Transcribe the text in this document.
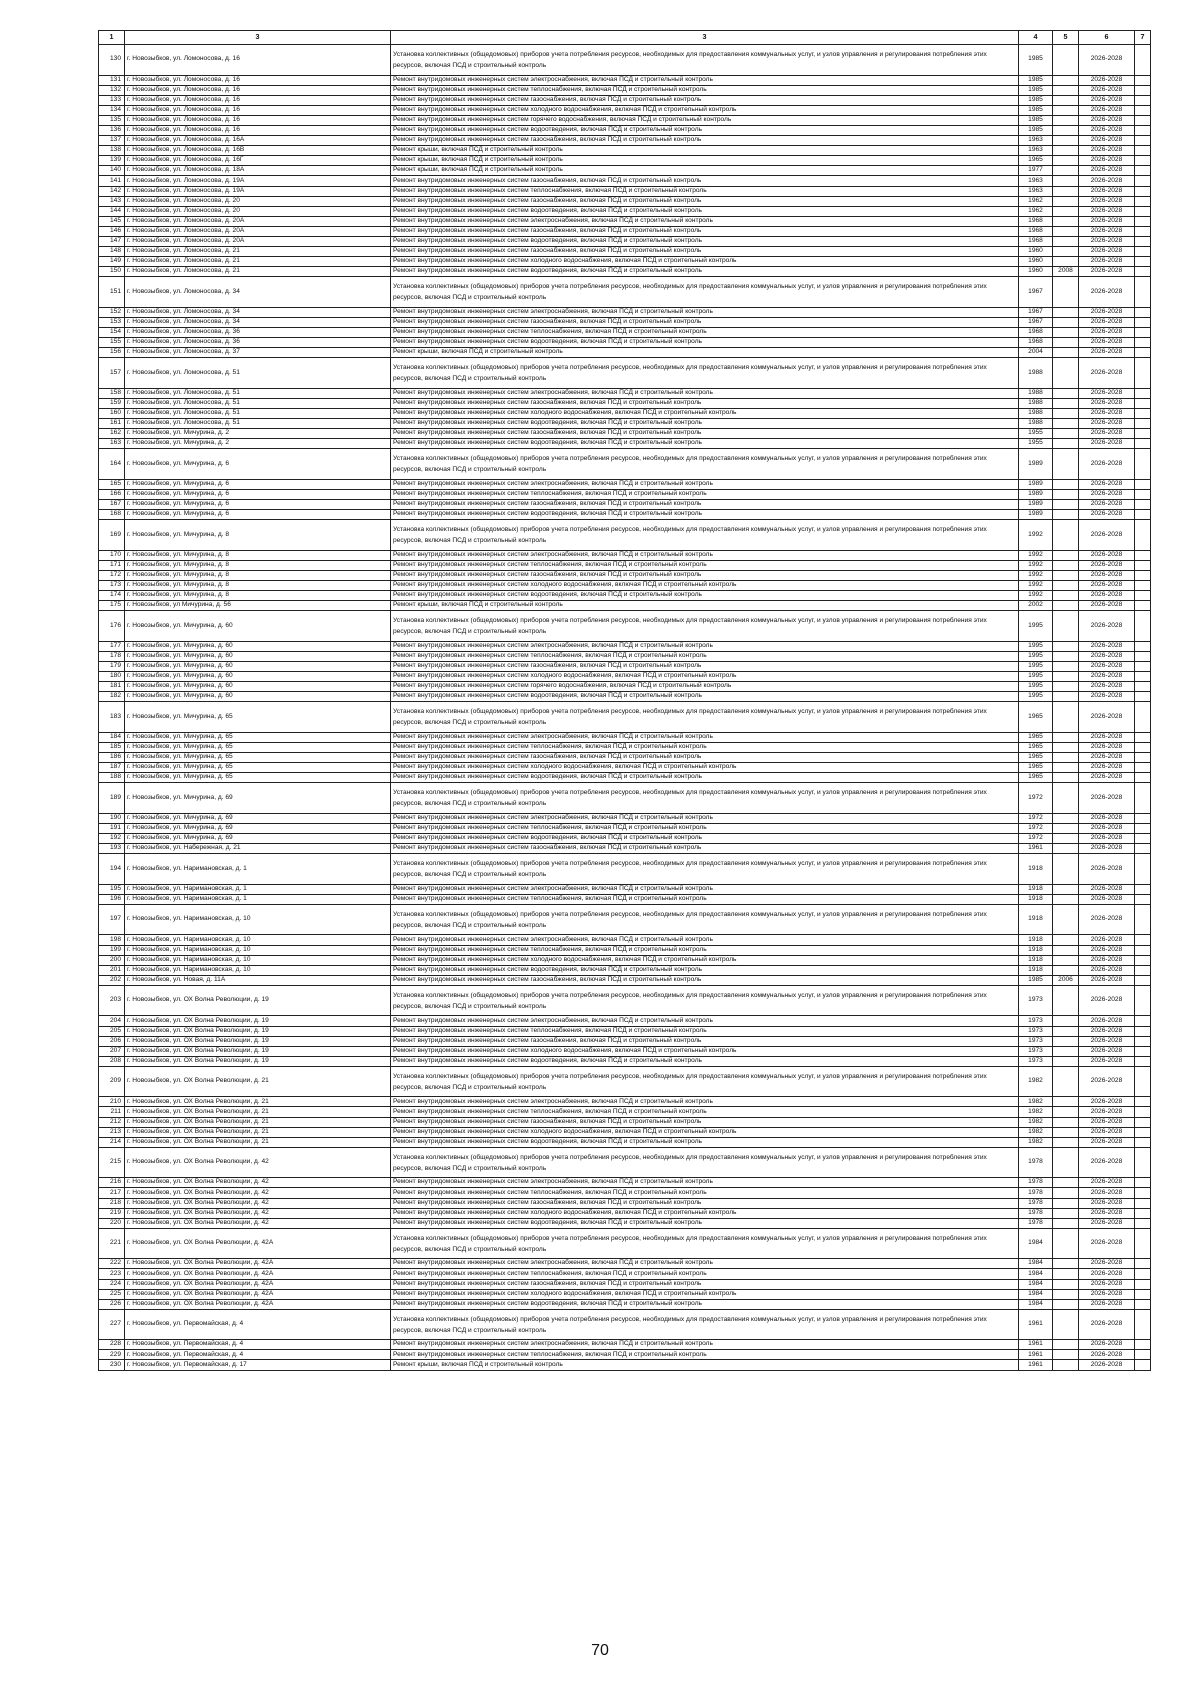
1	3	3	4	5	6	7
130	г. Новозыбков, ул. Ломоносова, д. 16	Установка коллективных (общедомовых) приборов учета потребления ресурсов, необходимых для предоставления коммунальных услуг, и узлов управления и регулирования потребления этих ресурсов, включая ПСД и строительный контроль	1985		2026-2028	
131	г. Новозыбков, ул. Ломоносова, д. 16	Ремонт внутридомовых инженерных систем электроснабжения, включая ПСД и строительный контроль	1985		2026-2028	
132	г. Новозыбков, ул. Ломоносова, д. 16	Ремонт внутридомовых инженерных систем теплоснабжения, включая ПСД и строительный контроль	1985		2026-2028	
133	г. Новозыбков, ул. Ломоносова, д. 16	Ремонт внутридомовых инженерных систем газоснабжения, включая ПСД и строительный контроль	1985		2026-2028	
134	г. Новозыбков, ул. Ломоносова, д. 16	Ремонт внутридомовых инженерных систем холодного водоснабжения, включая ПСД и строительный контроль	1985		2026-2028	
135	г. Новозыбков, ул. Ломоносова, д. 16	Ремонт внутридомовых инженерных систем горячего водоснабжения, включая ПСД и строительный контроль	1985		2026-2028	
136	г. Новозыбков, ул. Ломоносова, д. 16	Ремонт внутридомовых инженерных систем водоотведения, включая ПСД и строительный контроль	1985		2026-2028	
137	г. Новозыбков, ул. Ломоносова, д. 16А	Ремонт внутридомовых инженерных систем газоснабжения, включая ПСД и строительный контроль	1963		2026-2028	
138	г. Новозыбков, ул. Ломоносова, д. 16В	Ремонт крыши, включая ПСД и строительный контроль	1963		2026-2028	
139	г. Новозыбков, ул. Ломоносова, д. 16Г	Ремонт крыши, включая ПСД и строительный контроль	1965		2026-2028	
140	г. Новозыбков, ул. Ломоносова, д. 18А	Ремонт крыши, включая ПСД и строительный контроль	1977		2026-2028	
141	г. Новозыбков, ул. Ломоносова, д. 19А	Ремонт внутридомовых инженерных систем газоснабжения, включая ПСД и строительный контроль	1963		2026-2028	
142	г. Новозыбков, ул. Ломоносова, д. 19А	Ремонт внутридомовых инженерных систем теплоснабжения, включая ПСД и строительный контроль	1963		2026-2028	
143	г. Новозыбков, ул. Ломоносова, д. 20	Ремонт внутридомовых инженерных систем газоснабжения, включая ПСД и строительный контроль	1962		2026-2028	
144	г. Новозыбков, ул. Ломоносова, д. 20	Ремонт внутридомовых инженерных систем водоотведения, включая ПСД и строительный контроль	1962		2026-2028	
145	г. Новозыбков, ул. Ломоносова, д. 20А	Ремонт внутридомовых инженерных систем электроснабжения, включая ПСД и строительный контроль	1968		2026-2028	
146	г. Новозыбков, ул. Ломоносова, д. 20А	Ремонт внутридомовых инженерных систем газоснабжения, включая ПСД и строительный контроль	1968		2026-2028	
147	г. Новозыбков, ул. Ломоносова, д. 20А	Ремонт внутридомовых инженерных систем водоотведения, включая ПСД и строительный контроль	1968		2026-2028	
148	г. Новозыбков, ул. Ломоносова, д. 21	Ремонт внутридомовых инженерных систем газоснабжения, включая ПСД и строительный контроль	1960		2026-2028	
149	г. Новозыбков, ул. Ломоносова, д. 21	Ремонт внутридомовых инженерных систем холодного водоснабжения, включая ПСД и строительный контроль	1960		2026-2028	
150	г. Новозыбков, ул. Ломоносова, д. 21	Ремонт внутридомовых инженерных систем водоотведения, включая ПСД и строительный контроль	1960	2008	2026-2028	
151	г. Новозыбков, ул. Ломоносова, д. 34	Установка коллективных (общедомовых) приборов учета потребления ресурсов, необходимых для предоставления коммунальных услуг, и узлов управления и регулирования потребления этих ресурсов, включая ПСД и строительный контроль	1967		2026-2028	
152	г. Новозыбков, ул. Ломоносова, д. 34	Ремонт внутридомовых инженерных систем электроснабжения, включая ПСД и строительный контроль	1967		2026-2028	
153	г. Новозыбков, ул. Ломоносова, д. 34	Ремонт внутридомовых инженерных систем газоснабжения, включая ПСД и строительный контроль	1967		2026-2028	
154	г. Новозыбков, ул. Ломоносова, д. 36	Ремонт внутридомовых инженерных систем теплоснабжения, включая ПСД и строительный контроль	1968		2026-2028	
155	г. Новозыбков, ул. Ломоносова, д. 36	Ремонт внутридомовых инженерных систем водоотведения, включая ПСД и строительный контроль	1968		2026-2028	
156	г. Новозыбков, ул. Ломоносова, д. 37	Ремонт крыши, включая ПСД и строительный контроль	2004		2026-2028	
157	г. Новозыбков, ул. Ломоносова, д. 51	Установка коллективных (общедомовых) приборов учета потребления ресурсов, необходимых для предоставления коммунальных услуг, и узлов управления и регулирования потребления этих ресурсов, включая ПСД и строительный контроль	1988		2026-2028	
158	г. Новозыбков, ул. Ломоносова, д. 51	Ремонт внутридомовых инженерных систем электроснабжения, включая ПСД и строительный контроль	1988		2026-2028	
159	г. Новозыбков, ул. Ломоносова, д. 51	Ремонт внутридомовых инженерных систем газоснабжения, включая ПСД и строительный контроль	1988		2026-2028	
160	г. Новозыбков, ул. Ломоносова, д. 51	Ремонт внутридомовых инженерных систем холодного водоснабжения, включая ПСД и строительный контроль	1988		2026-2028	
161	г. Новозыбков, ул. Ломоносова, д. 51	Ремонт внутридомовых инженерных систем водоотведения, включая ПСД и строительный контроль	1988		2026-2028	
162	г. Новозыбков, ул. Мичурина, д. 2	Ремонт внутридомовых инженерных систем газоснабжения, включая ПСД и строительный контроль	1955		2026-2028	
163	г. Новозыбков, ул. Мичурина, д. 2	Ремонт внутридомовых инженерных систем водоотведения, включая ПСД и строительный контроль	1955		2026-2028	
164	г. Новозыбков, ул. Мичурина, д. 6	Установка коллективных (общедомовых) приборов учета потребления ресурсов, необходимых для предоставления коммунальных услуг, и узлов управления и регулирования потребления этих ресурсов, включая ПСД и строительный контроль	1989		2026-2028	
165	г. Новозыбков, ул. Мичурина, д. 6	Ремонт внутридомовых инженерных систем электроснабжения, включая ПСД и строительный контроль	1989		2026-2028	
166	г. Новозыбков, ул. Мичурина, д. 6	Ремонт внутридомовых инженерных систем теплоснабжения, включая ПСД и строительный контроль	1989		2026-2028	
167	г. Новозыбков, ул. Мичурина, д. 6	Ремонт внутридомовых инженерных систем газоснабжения, включая ПСД и строительный контроль	1989		2026-2028	
168	г. Новозыбков, ул. Мичурина, д. 6	Ремонт внутридомовых инженерных систем водоотведения, включая ПСД и строительный контроль	1989		2026-2028	
169	г. Новозыбков, ул. Мичурина, д. 8	Установка коллективных (общедомовых) приборов учета потребления ресурсов, необходимых для предоставления коммунальных услуг, и узлов управления и регулирования потребления этих ресурсов, включая ПСД и строительный контроль	1992		2026-2028	
170	г. Новозыбков, ул. Мичурина, д. 8	Ремонт внутридомовых инженерных систем электроснабжения, включая ПСД и строительный контроль	1992		2026-2028	
171	г. Новозыбков, ул. Мичурина, д. 8	Ремонт внутридомовых инженерных систем теплоснабжения, включая ПСД и строительный контроль	1992		2026-2028	
172	г. Новозыбков, ул. Мичурина, д. 8	Ремонт внутридомовых инженерных систем газоснабжения, включая ПСД и строительный контроль	1992		2026-2028	
173	г. Новозыбков, ул. Мичурина, д. 8	Ремонт внутридомовых инженерных систем холодного водоснабжения, включая ПСД и строительный контроль	1992		2026-2028	
174	г. Новозыбков, ул. Мичурина, д. 8	Ремонт внутридомовых инженерных систем водоотведения, включая ПСД и строительный контроль	1992		2026-2028	
175	г. Новозыбков, ул Мичурина, д. 56	Ремонт крыши, включая ПСД и строительный контроль	2002		2026-2028	
176	г. Новозыбков, ул. Мичурина, д. 60	Установка коллективных (общедомовых) приборов учета потребления ресурсов, необходимых для предоставления коммунальных услуг, и узлов управления и регулирования потребления этих ресурсов, включая ПСД и строительный контроль	1995		2026-2028	
177	г. Новозыбков, ул. Мичурина, д. 60	Ремонт внутридомовых инженерных систем электроснабжения, включая ПСД и строительный контроль	1995		2026-2028	
178	г. Новозыбков, ул. Мичурина, д. 60	Ремонт внутридомовых инженерных систем теплоснабжения, включая ПСД и строительный контроль	1995		2026-2028	
179	г. Новозыбков, ул. Мичурина, д. 60	Ремонт внутридомовых инженерных систем газоснабжения, включая ПСД и строительный контроль	1995		2026-2028	
180	г. Новозыбков, ул. Мичурина, д. 60	Ремонт внутридомовых инженерных систем холодного водоснабжения, включая ПСД и строительный контроль	1995		2026-2028	
181	г. Новозыбков, ул. Мичурина, д. 60	Ремонт внутридомовых инженерных систем горячего водоснабжения, включая ПСД и строительный контроль	1995		2026-2028	
182	г. Новозыбков, ул. Мичурина, д. 60	Ремонт внутридомовых инженерных систем водоотведения, включая ПСД и строительный контроль	1995		2026-2028	
183	г. Новозыбков, ул. Мичурина, д. 65	Установка коллективных (общедомовых) приборов учета потребления ресурсов, необходимых для предоставления коммунальных услуг, и узлов управления и регулирования потребления этих ресурсов, включая ПСД и строительный контроль	1965		2026-2028	
184	г. Новозыбков, ул. Мичурина, д. 65	Ремонт внутридомовых инженерных систем электроснабжения, включая ПСД и строительный контроль	1965		2026-2028	
185	г. Новозыбков, ул. Мичурина, д. 65	Ремонт внутридомовых инженерных систем теплоснабжения, включая ПСД и строительный контроль	1965		2026-2028	
186	г. Новозыбков, ул. Мичурина, д. 65	Ремонт внутридомовых инженерных систем газоснабжения, включая ПСД и строительный контроль	1965		2026-2028	
187	г. Новозыбков, ул. Мичурина, д. 65	Ремонт внутридомовых инженерных систем холодного водоснабжения, включая ПСД и строительный контроль	1965		2026-2028	
188	г. Новозыбков, ул. Мичурина, д. 65	Ремонт внутридомовых инженерных систем водоотведения, включая ПСД и строительный контроль	1965		2026-2028	
189	г. Новозыбков, ул. Мичурина, д. 69	Установка коллективных (общедомовых) приборов учета потребления ресурсов, необходимых для предоставления коммунальных услуг, и узлов управления и регулирования потребления этих ресурсов, включая ПСД и строительный контроль	1972		2026-2028	
190	г. Новозыбков, ул. Мичурина, д. 69	Ремонт внутридомовых инженерных систем электроснабжения, включая ПСД и строительный контроль	1972		2026-2028	
191	г. Новозыбков, ул. Мичурина, д. 69	Ремонт внутридомовых инженерных систем теплоснабжения, включая ПСД и строительный контроль	1972		2026-2028	
192	г. Новозыбков, ул. Мичурина, д. 69	Ремонт внутридомовых инженерных систем водоотведения, включая ПСД и строительный контроль	1972		2026-2028	
193	г. Новозыбков, ул. Набережная, д. 21	Ремонт внутридомовых инженерных систем газоснабжения, включая ПСД и строительный контроль	1961		2026-2028	
194	г. Новозыбков, ул. Наримановская, д. 1	Установка коллективных (общедомовых) приборов учета потребления ресурсов, необходимых для предоставления коммунальных услуг, и узлов управления и регулирования потребления этих ресурсов, включая ПСД и строительный контроль	1918		2026-2028	
195	г. Новозыбков, ул. Наримановская, д. 1	Ремонт внутридомовых инженерных систем электроснабжения, включая ПСД и строительный контроль	1918		2026-2028	
196	г. Новозыбков, ул. Наримановская, д. 1	Ремонт внутридомовых инженерных систем теплоснабжения, включая ПСД и строительный контроль	1918		2026-2028	
197	г. Новозыбков, ул. Наримановская, д. 10	Установка коллективных (общедомовых) приборов учета потребления ресурсов, необходимых для предоставления коммунальных услуг, и узлов управления и регулирования потребления этих ресурсов, включая ПСД и строительный контроль	1918		2026-2028	
198	г. Новозыбков, ул. Наримановская, д. 10	Ремонт внутридомовых инженерных систем электроснабжения, включая ПСД и строительный контроль	1918		2026-2028	
199	г. Новозыбков, ул. Наримановская, д. 10	Ремонт внутридомовых инженерных систем теплоснабжения, включая ПСД и строительный контроль	1918		2026-2028	
200	г. Новозыбков, ул. Наримановская, д. 10	Ремонт внутридомовых инженерных систем холодного водоснабжения, включая ПСД и строительный контроль	1918		2026-2028	
201	г. Новозыбков, ул. Наримановская, д. 10	Ремонт внутридомовых инженерных систем водоотведения, включая ПСД и строительный контроль	1918		2026-2028	
202	г. Новозыбков, ул. Новая, д. 11А	Ремонт внутридомовых инженерных систем газоснабжения, включая ПСД и строительный контроль	1985	2006	2026-2028	
203	г. Новозыбков, ул. ОХ Волна Революции, д. 19	Установка коллективных (общедомовых) приборов учета потребления ресурсов, необходимых для предоставления коммунальных услуг, и узлов управления и регулирования потребления этих ресурсов, включая ПСД и строительный контроль	1973		2026-2028	
204	г. Новозыбков, ул. ОХ Волна Революции, д. 19	Ремонт внутридомовых инженерных систем электроснабжения, включая ПСД и строительный контроль	1973		2026-2028	
205	г. Новозыбков, ул. ОХ Волна Революции, д. 19	Ремонт внутридомовых инженерных систем теплоснабжения, включая ПСД и строительный контроль	1973		2026-2028	
206	г. Новозыбков, ул. ОХ Волна Революции, д. 19	Ремонт внутридомовых инженерных систем газоснабжения, включая ПСД и строительный контроль	1973		2026-2028	
207	г. Новозыбков, ул. ОХ Волна Революции, д. 19	Ремонт внутридомовых инженерных систем холодного водоснабжения, включая ПСД и строительный контроль	1973		2026-2028	
208	г. Новозыбков, ул. ОХ Волна Революции, д. 19	Ремонт внутридомовых инженерных систем водоотведения, включая ПСД и строительный контроль	1973		2026-2028	
209	г. Новозыбков, ул. ОХ Волна Революции, д. 21	Установка коллективных (общедомовых) приборов учета потребления ресурсов, необходимых для предоставления коммунальных услуг, и узлов управления и регулирования потребления этих ресурсов, включая ПСД и строительный контроль	1982		2026-2028	
210	г. Новозыбков, ул. ОХ Волна Революции, д. 21	Ремонт внутридомовых инженерных систем электроснабжения, включая ПСД и строительный контроль	1982		2026-2028	
211	г. Новозыбков, ул. ОХ Волна Революции, д. 21	Ремонт внутридомовых инженерных систем теплоснабжения, включая ПСД и строительный контроль	1982		2026-2028	
212	г. Новозыбков, ул. ОХ Волна Революции, д. 21	Ремонт внутридомовых инженерных систем газоснабжения, включая ПСД и строительный контроль	1982		2026-2028	
213	г. Новозыбков, ул. ОХ Волна Революции, д. 21	Ремонт внутридомовых инженерных систем холодного водоснабжения, включая ПСД и строительный контроль	1982		2026-2028	
214	г. Новозыбков, ул. ОХ Волна Революции, д. 21	Ремонт внутридомовых инженерных систем водоотведения, включая ПСД и строительный контроль	1982		2026-2028	
215	г. Новозыбков, ул. ОХ Волна Революции, д. 42	Установка коллективных (общедомовых) приборов учета потребления ресурсов, необходимых для предоставления коммунальных услуг, и узлов управления и регулирования потребления этих ресурсов, включая ПСД и строительный контроль	1978		2026-2028	
216	г. Новозыбков, ул. ОХ Волна Революции, д. 42	Ремонт внутридомовых инженерных систем электроснабжения, включая ПСД и строительный контроль	1978		2026-2028	
217	г. Новозыбков, ул. ОХ Волна Революции, д. 42	Ремонт внутридомовых инженерных систем теплоснабжения, включая ПСД и строительный контроль	1978		2026-2028	
218	г. Новозыбков, ул. ОХ Волна Революции, д. 42	Ремонт внутридомовых инженерных систем газоснабжения, включая ПСД и строительный контроль	1978		2026-2028	
219	г. Новозыбков, ул. ОХ Волна Революции, д. 42	Ремонт внутридомовых инженерных систем холодного водоснабжения, включая ПСД и строительный контроль	1978		2026-2028	
220	г. Новозыбков, ул. ОХ Волна Революции, д. 42	Ремонт внутридомовых инженерных систем водоотведения, включая ПСД и строительный контроль	1978		2026-2028	
221	г. Новозыбков, ул. ОХ Волна Революции, д. 42А	Установка коллективных (общедомовых) приборов учета потребления ресурсов, необходимых для предоставления коммунальных услуг, и узлов управления и регулирования потребления этих ресурсов, включая ПСД и строительный контроль	1984		2026-2028	
222	г. Новозыбков, ул. ОХ Волна Революции, д. 42А	Ремонт внутридомовых инженерных систем электроснабжения, включая ПСД и строительный контроль	1984		2026-2028	
223	г. Новозыбков, ул. ОХ Волна Революции, д. 42А	Ремонт внутридомовых инженерных систем теплоснабжения, включая ПСД и строительный контроль	1984		2026-2028	
224	г. Новозыбков, ул. ОХ Волна Революции, д. 42А	Ремонт внутридомовых инженерных систем газоснабжения, включая ПСД и строительный контроль	1984		2026-2028	
225	г. Новозыбков, ул. ОХ Волна Революции, д. 42А	Ремонт внутридомовых инженерных систем холодного водоснабжения, включая ПСД и строительный контроль	1984		2026-2028	
226	г. Новозыбков, ул. ОХ Волна Революции, д. 42А	Ремонт внутридомовых инженерных систем водоотведения, включая ПСД и строительный контроль	1984		2026-2028	
227	г. Новозыбков, ул. Первомайская, д. 4	Установка коллективных (общедомовых) приборов учета потребления ресурсов, необходимых для предоставления коммунальных услуг, и узлов управления и регулирования потребления этих ресурсов, включая ПСД и строительный контроль	1961		2026-2028	
228	г. Новозыбков, ул. Первомайская, д. 4	Ремонт внутридомовых инженерных систем электроснабжения, включая ПСД и строительный контроль	1961		2026-2028	
229	г. Новозыбков, ул. Первомайская, д. 4	Ремонт внутридомовых инженерных систем теплоснабжения, включая ПСД и строительный контроль	1961		2026-2028	
230	г. Новозыбков, ул. Первомайская, д. 17	Ремонт крыши, включая ПСД и строительный контроль	1961		2026-2028	
70
